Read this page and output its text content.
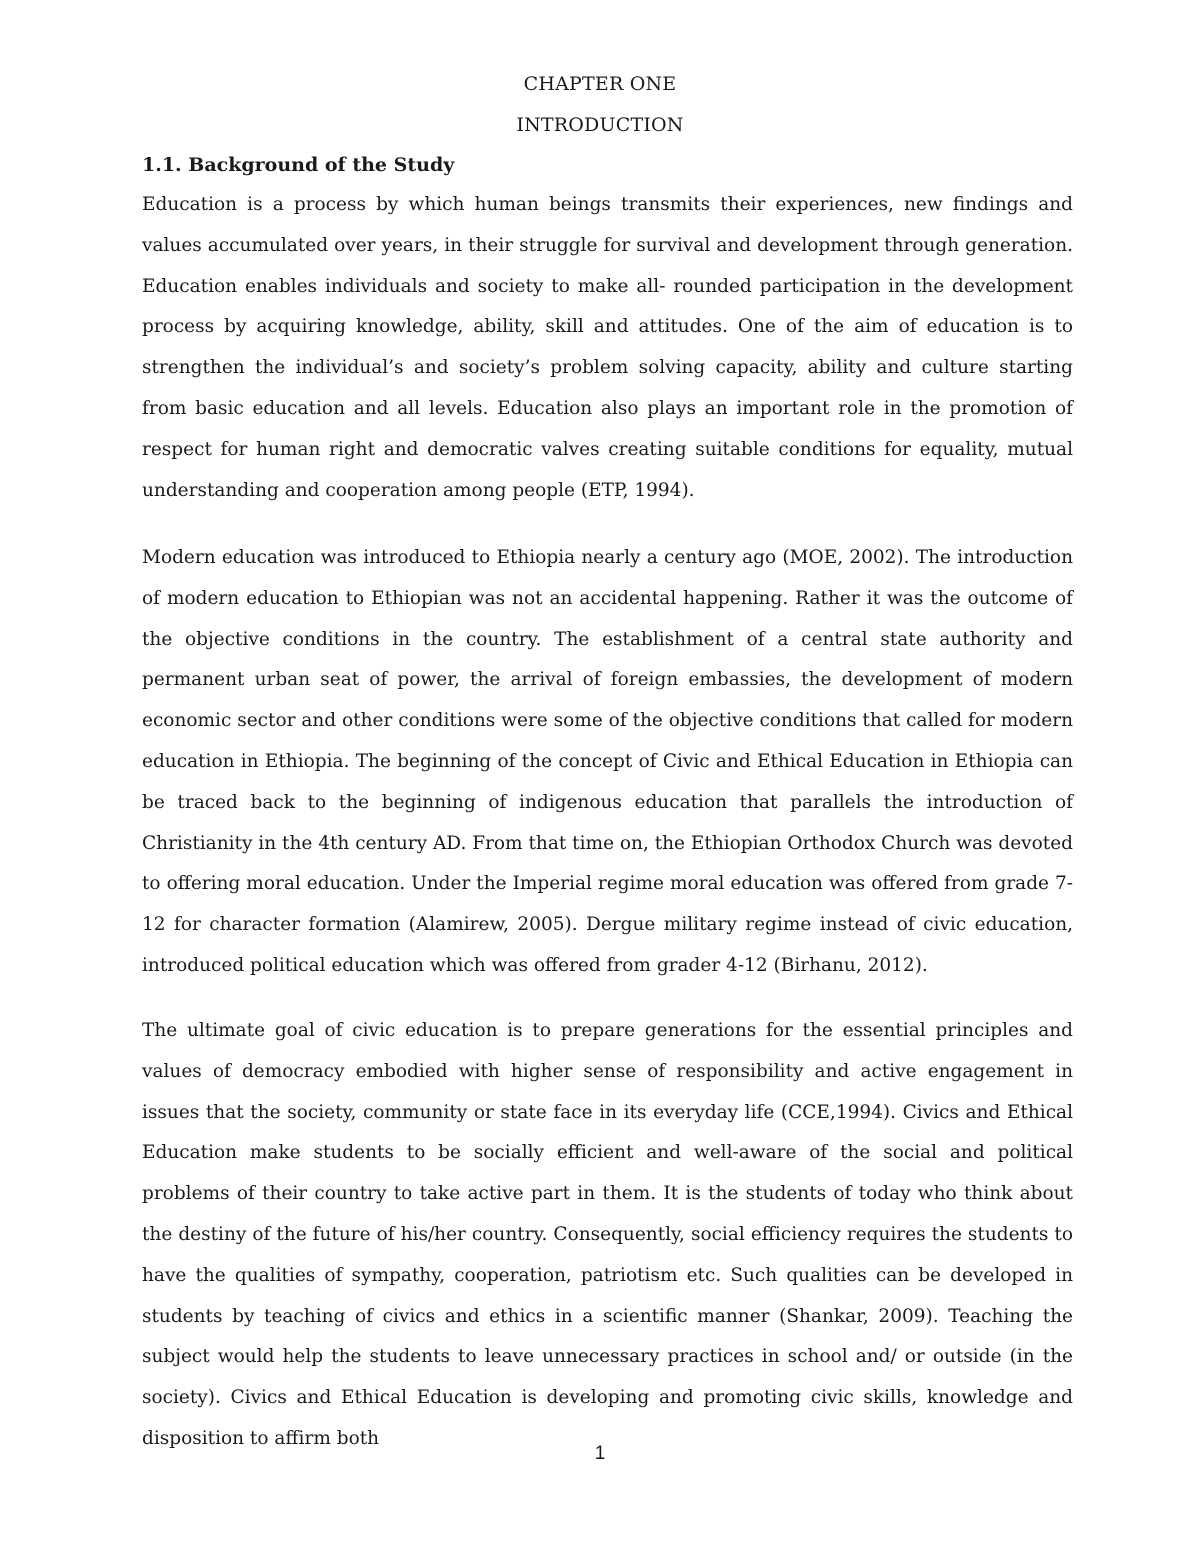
CHAPTER ONE
INTRODUCTION
1.1. Background of the Study

Education is a process by which human beings transmits their experiences, new findings and values accumulated over years, in their struggle for survival and development through generation. Education enables individuals and society to make all- rounded participation in the development process by acquiring knowledge, ability, skill and attitudes. One of the aim of education is to strengthen the individual’s and society’s problem solving capacity, ability and culture starting from basic education and all levels. Education also plays an important role in the promotion of respect for human right and democratic valves creating suitable conditions for equality, mutual understanding and cooperation among people (ETP, 1994).

Modern education was introduced to Ethiopia nearly a century ago (MOE, 2002). The introduction of modern education to Ethiopian was not an accidental happening. Rather it was the outcome of the objective conditions in the country. The establishment of a central state authority and permanent urban seat of power, the arrival of foreign embassies, the development of modern economic sector and other conditions were some of the objective conditions that called for modern education in Ethiopia. The beginning of the concept of Civic and Ethical Education in Ethiopia can be traced back to the beginning of indigenous education that parallels the introduction of Christianity in the 4th century AD. From that time on, the Ethiopian Orthodox Church was devoted to offering moral education. Under the Imperial regime moral education was offered from grade 7-12 for character formation (Alamirew, 2005). Dergue military regime instead of civic education, introduced political education which was offered from grader 4-12 (Birhanu, 2012).

The ultimate goal of civic education is to prepare generations for the essential principles and values of democracy embodied with higher sense of responsibility and active engagement in issues that the society, community or state face in its everyday life (CCE,1994). Civics and Ethical Education make students to be socially efficient and well-aware of the social and political problems of their country to take active part in them. It is the students of today who think about the destiny of the future of his/her country. Consequently, social efficiency requires the students to have the qualities of sympathy, cooperation, patriotism etc. Such qualities can be developed in students by teaching of civics and ethics in a scientific manner (Shankar, 2009). Teaching the subject would help the students to leave unnecessary practices in school and/ or outside (in the society). Civics and Ethical Education is developing and promoting civic skills, knowledge and disposition to affirm both

1
